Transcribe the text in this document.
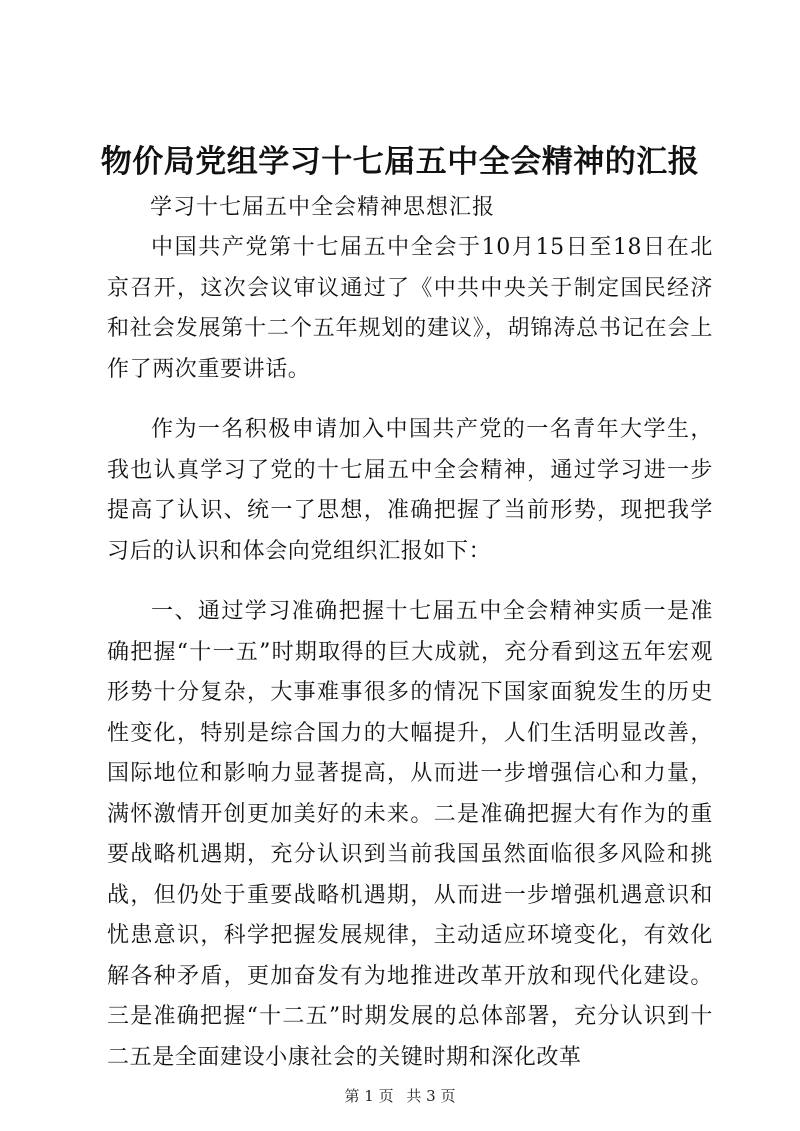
物价局党组学习十七届五中全会精神的汇报

学习十七届五中全会精神思想汇报

中国共产党第十七届五中全会于10月15日至18日在北京召开，这次会议审议通过了《中共中央关于制定国民经济和社会发展第十二个五年规划的建议》，胡锦涛总书记在会上作了两次重要讲话。

作为一名积极申请加入中国共产党的一名青年大学生，我也认真学习了党的十七届五中全会精神，通过学习进一步提高了认识、统一了思想，准确把握了当前形势，现把我学习后的认识和体会向党组织汇报如下：

一、通过学习准确把握十七届五中全会精神实质一是准确把握“十一五”时期取得的巨大成就，充分看到这五年宏观形势十分复杂，大事难事很多的情况下国家面貌发生的历史性变化，特别是综合国力的大幅提升，人们生活明显改善，国际地位和影响力显著提高，从而进一步增强信心和力量，满怀激情开创更加美好的未来。二是准确把握大有作为的重要战略机遇期，充分认识到当前我国虽然面临很多风险和挑战，但仍处于重要战略机遇期，从而进一步增强机遇意识和忧患意识，科学把握发展规律，主动适应环境变化，有效化解各种矛盾，更加奋发有为地推进改革开放和现代化建设。三是准确把握“十二五”时期发展的总体部署，充分认识到十二五是全面建设小康社会的关键时期和深化改革

第 1 页 共 3 页
